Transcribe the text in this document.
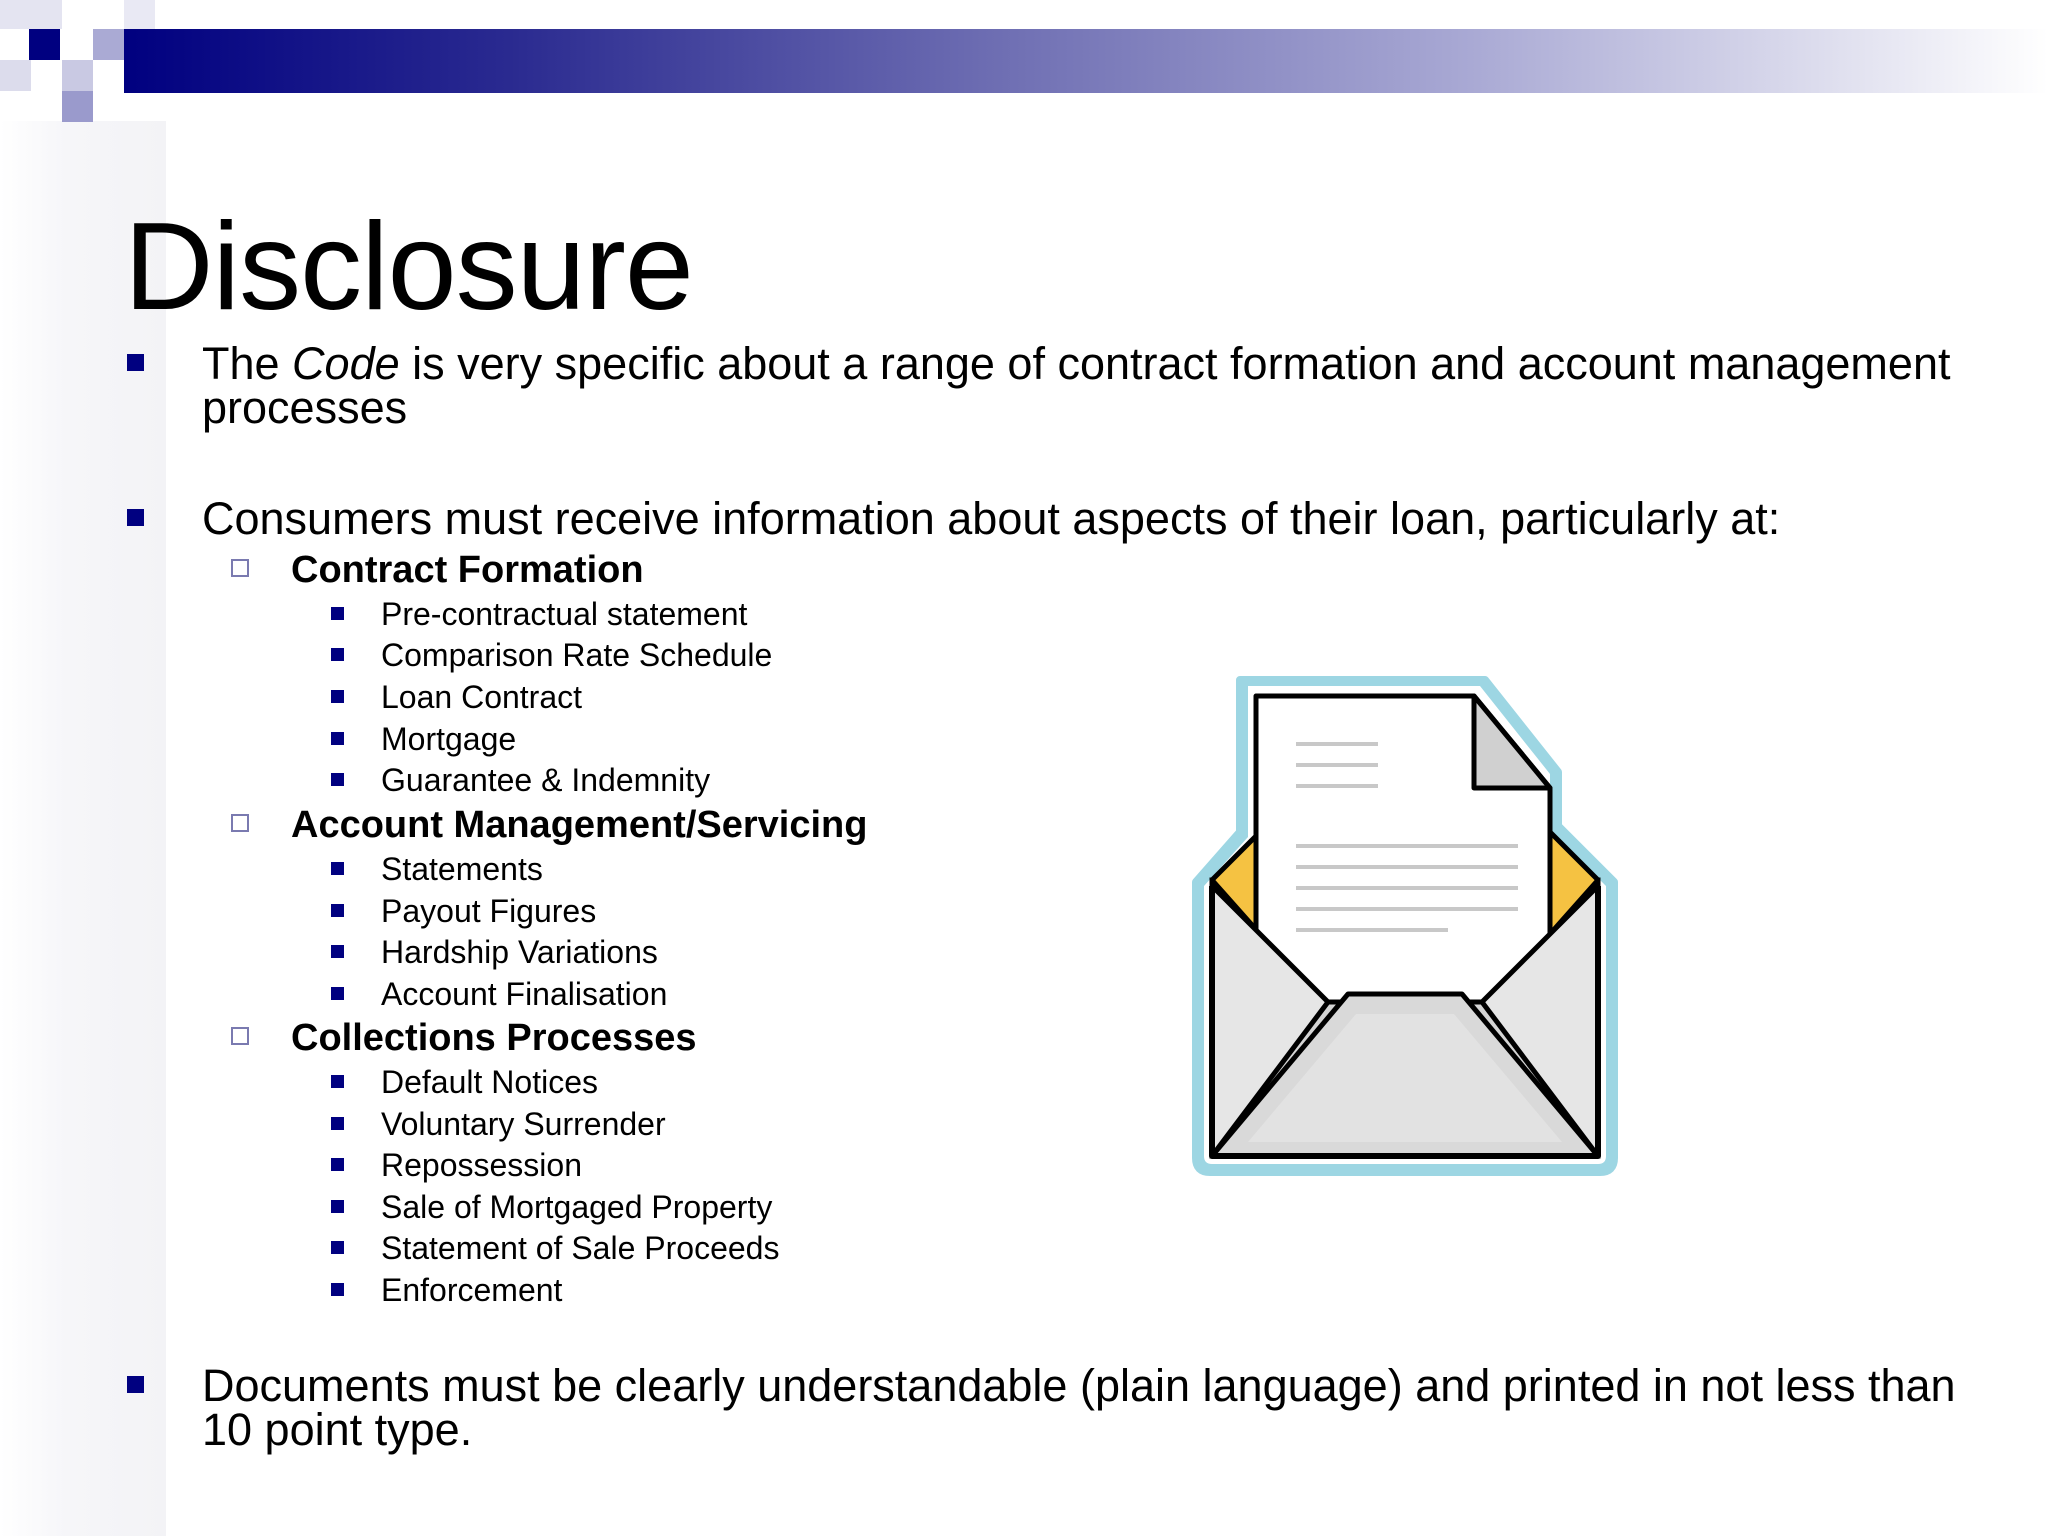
Disclosure
The Code is very specific about a range of contract formation and account management processes
Consumers must receive information about aspects of their loan, particularly at:
Contract Formation
Pre-contractual statement
Comparison Rate Schedule
Loan Contract
Mortgage
Guarantee & Indemnity
Account Management/Servicing
Statements
Payout Figures
Hardship Variations
Account Finalisation
Collections Processes
Default Notices
Voluntary Surrender
Repossession
Sale of Mortgaged Property
Statement of Sale Proceeds
Enforcement
Documents must be clearly understandable (plain language) and printed in not less than 10 point type.
